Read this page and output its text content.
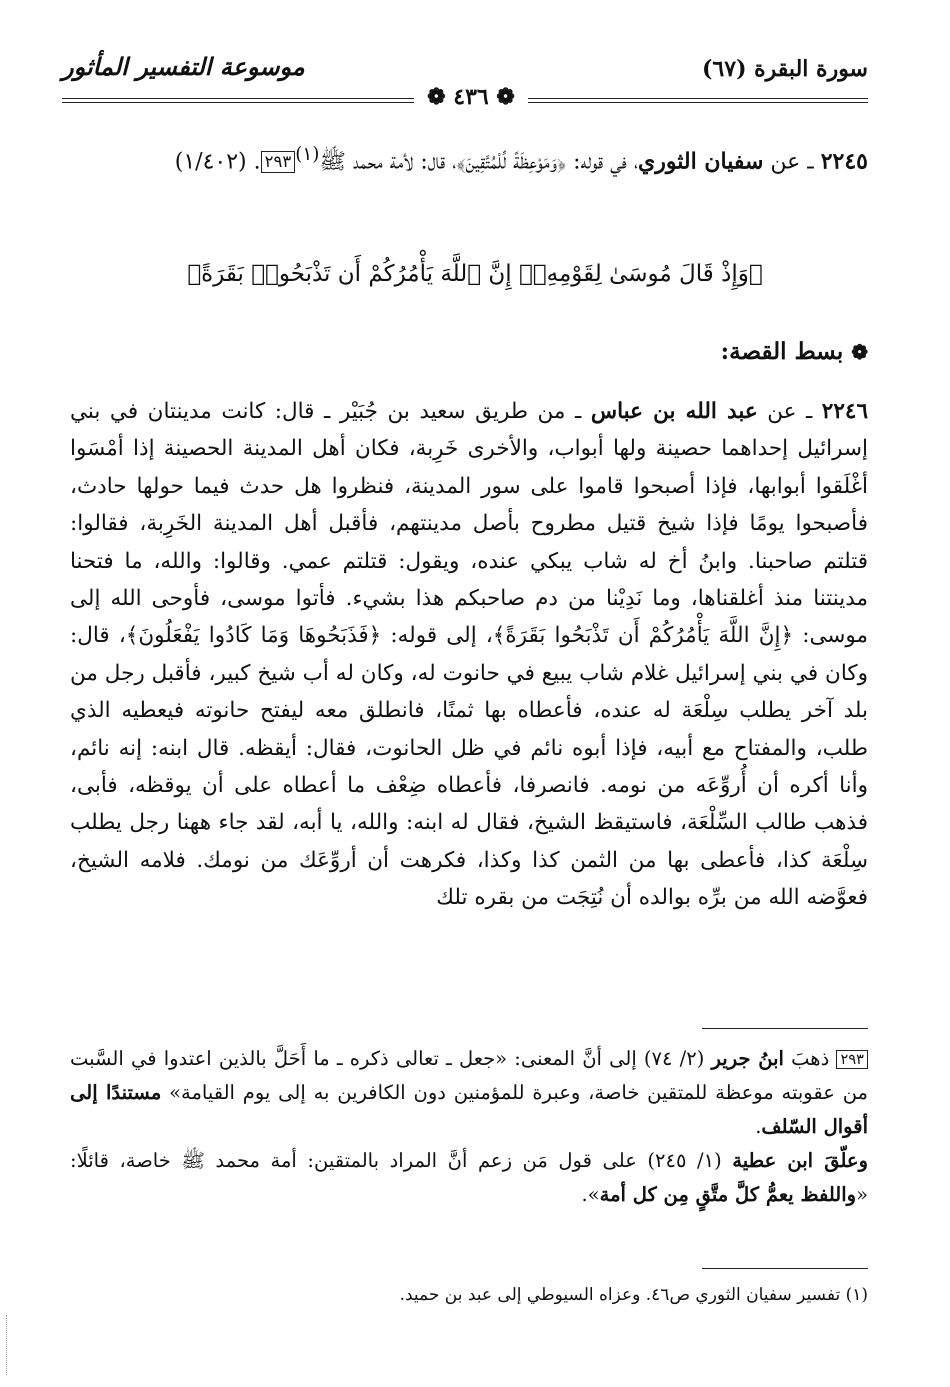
سورة البقرة (٦٧)
موسوعة التفسير المأثور
❁ ٤٣٦ ❁
٢٢٤٥ ـ عن سفيان الثوري، في قوله: ﴿وَمَوْعِظَةً لِّلْمُتَّقِينَ﴾، قال: لأمة محمد ﷺ$^{(١)}$٢٩٣. (١/٤٠٢)
﴿وَإِذْ قَالَ مُوسَىٰ لِقَوْمِهِۦٓ إِنَّ ٱللَّهَ يَأْمُرُكُمْ أَن تَذْبَحُوا۟ بَقَرَةً﴾
❁بسط القصة:
٢٢٤٦ ـ عن عبد الله بن عباس ـ من طريق سعيد بن جُبَيْر ـ قال: كانت مدينتان في بني إسرائيل إحداهما حصينة ولها أبواب، والأخرى خَرِبة، فكان أهل المدينة الحصينة إذا أمْسَوا أغْلَقوا أبوابها، فإذا أصبحوا قاموا على سور المدينة، فنظروا هل حدث فيما حولها حادث، فأصبحوا يومًا فإذا شيخ قتيل مطروح بأصل مدينتهم، فأقبل أهل المدينة الخَرِبة، فقالوا: قتلتم صاحبنا. وابنُ أخ له شاب يبكي عنده، ويقول: قتلتم عمي. وقالوا: والله، ما فتحنا مدينتنا منذ أغلقناها، وما نَدِيْنا من دم صاحبكم هذا بشيء. فأتوا موسى، فأوحى الله إلى موسى: ﴿إِنَّ اللَّهَ يَأْمُرُكُمْ أَن تَذْبَحُوا بَقَرَةً﴾، إلى قوله: ﴿فَذَبَحُوهَا وَمَا كَادُوا يَفْعَلُونَ﴾، قال: وكان في بني إسرائيل غلام شاب يبيع في حانوت له، وكان له أب شيخ كبير، فأقبل رجل من بلد آخر يطلب سِلْعَة له عنده، فأعطاه بها ثمنًا، فانطلق معه ليفتح حانوته فيعطيه الذي طلب، والمفتاح مع أبيه، فإذا أبوه نائم في ظل الحانوت، فقال: أيقظه. قال ابنه: إنه نائم، وأنا أكره أن أُروِّعَه من نومه. فانصرفا، فأعطاه ضِعْف ما أعطاه على أن يوقظه، فأبى، فذهب طالب السِّلْعَة، فاستيقظ الشيخ، فقال له ابنه: والله، يا أبه، لقد جاء ههنا رجل يطلب سِلْعَة كذا، فأعطى بها من الثمن كذا وكذا، فكرهت أن أروِّعَك من نومك. فلامه الشيخ، فعوَّضه الله من برِّه بوالده أن نُتِجَت من بقره تلك
٢٩٣ ذهبَ ابنُ جرير (٢/ ٧٤) إلى أنَّ المعنى: «جعل ـ تعالى ذكره ـ ما أَحَلَّ بالذين اعتدوا في السَّبت من عقوبته موعظة للمتقين خاصة، وعبرة للمؤمنين دون الكافرين به إلى يوم القيامة» مستندًا إلى أقوال السّلف.
وعلّقَ ابن عطية (١/ ٢٤٥) على قول مَن زعم أنَّ المراد بالمتقين: أمة محمد ﷺ خاصة، قائلًا: «واللفظ يعمُّ كلَّ متَّقٍ مِن كل أمة».
(١) تفسير سفيان الثوري ص٤٦. وعزاه السيوطي إلى عبد بن حميد.
